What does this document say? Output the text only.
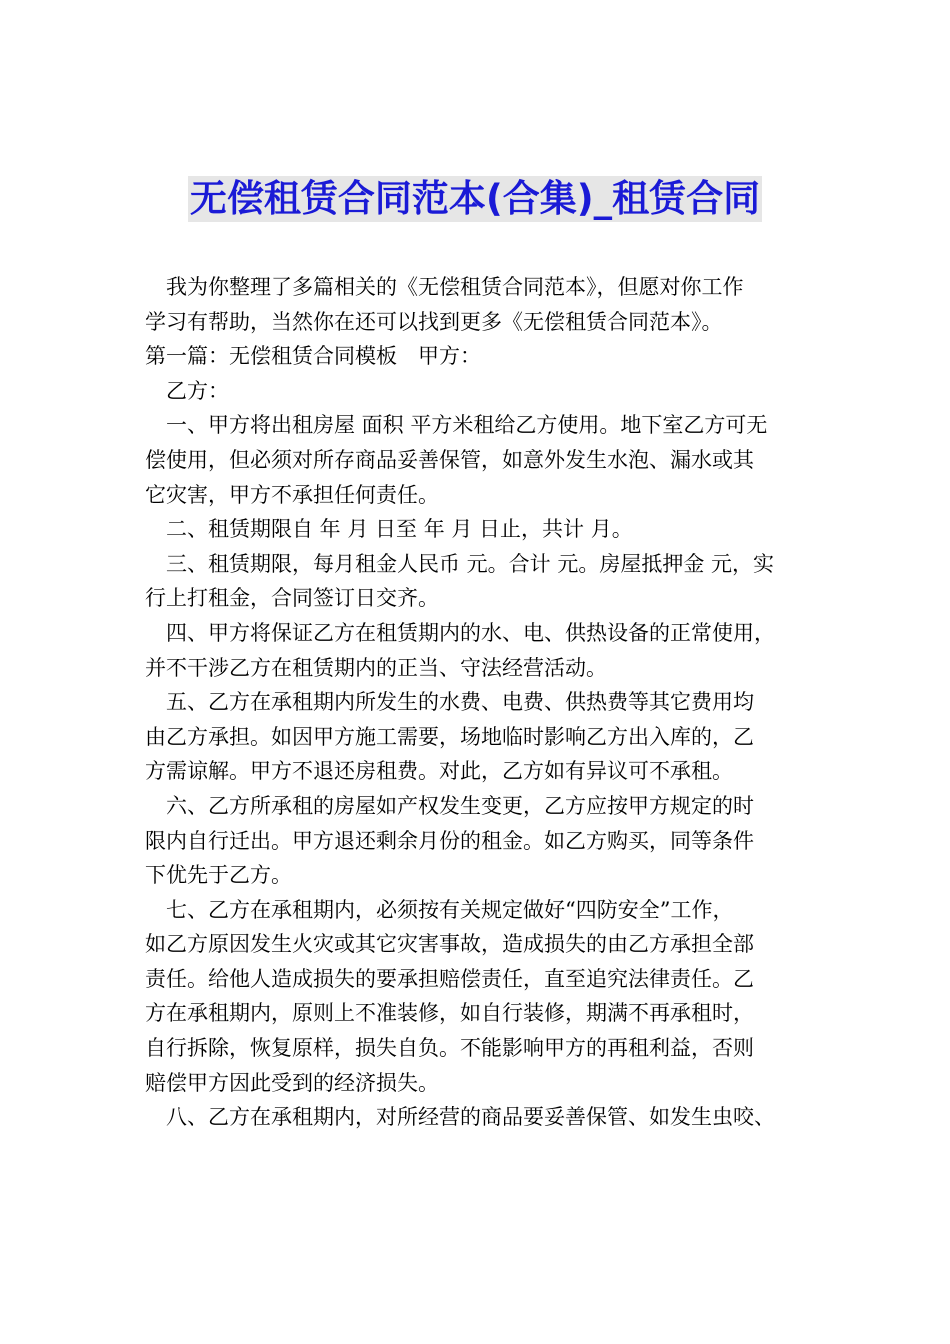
无偿租赁合同范本(合集)_租赁合同
我为你整理了多篇相关的《无偿租赁合同范本》，但愿对你工作
学习有帮助，当然你在还可以找到更多《无偿租赁合同范本》。
第一篇：无偿租赁合同模板　甲方：
乙方：
一、甲方将出租房屋 面积 平方米租给乙方使用。地下室乙方可无
偿使用，但必须对所存商品妥善保管，如意外发生水泡、漏水或其
它灾害，甲方不承担任何责任。
二、租赁期限自 年 月 日至 年 月 日止，共计 月。
三、租赁期限，每月租金人民币 元。合计 元。房屋抵押金 元，实
行上打租金，合同签订日交齐。
四、甲方将保证乙方在租赁期内的水、电、供热设备的正常使用，
并不干涉乙方在租赁期内的正当、守法经营活动。
五、乙方在承租期内所发生的水费、电费、供热费等其它费用均
由乙方承担。如因甲方施工需要，场地临时影响乙方出入库的，乙
方需谅解。甲方不退还房租费。对此，乙方如有异议可不承租。
六、乙方所承租的房屋如产权发生变更，乙方应按甲方规定的时
限内自行迁出。甲方退还剩余月份的租金。如乙方购买，同等条件
下优先于乙方。
七、乙方在承租期内，必须按有关规定做好“四防安全”工作，
如乙方原因发生火灾或其它灾害事故，造成损失的由乙方承担全部
责任。给他人造成损失的要承担赔偿责任，直至追究法律责任。乙
方在承租期内，原则上不准装修，如自行装修，期满不再承租时，
自行拆除，恢复原样，损失自负。不能影响甲方的再租利益，否则
赔偿甲方因此受到的经济损失。
八、乙方在承租期内，对所经营的商品要妥善保管、如发生虫咬、
